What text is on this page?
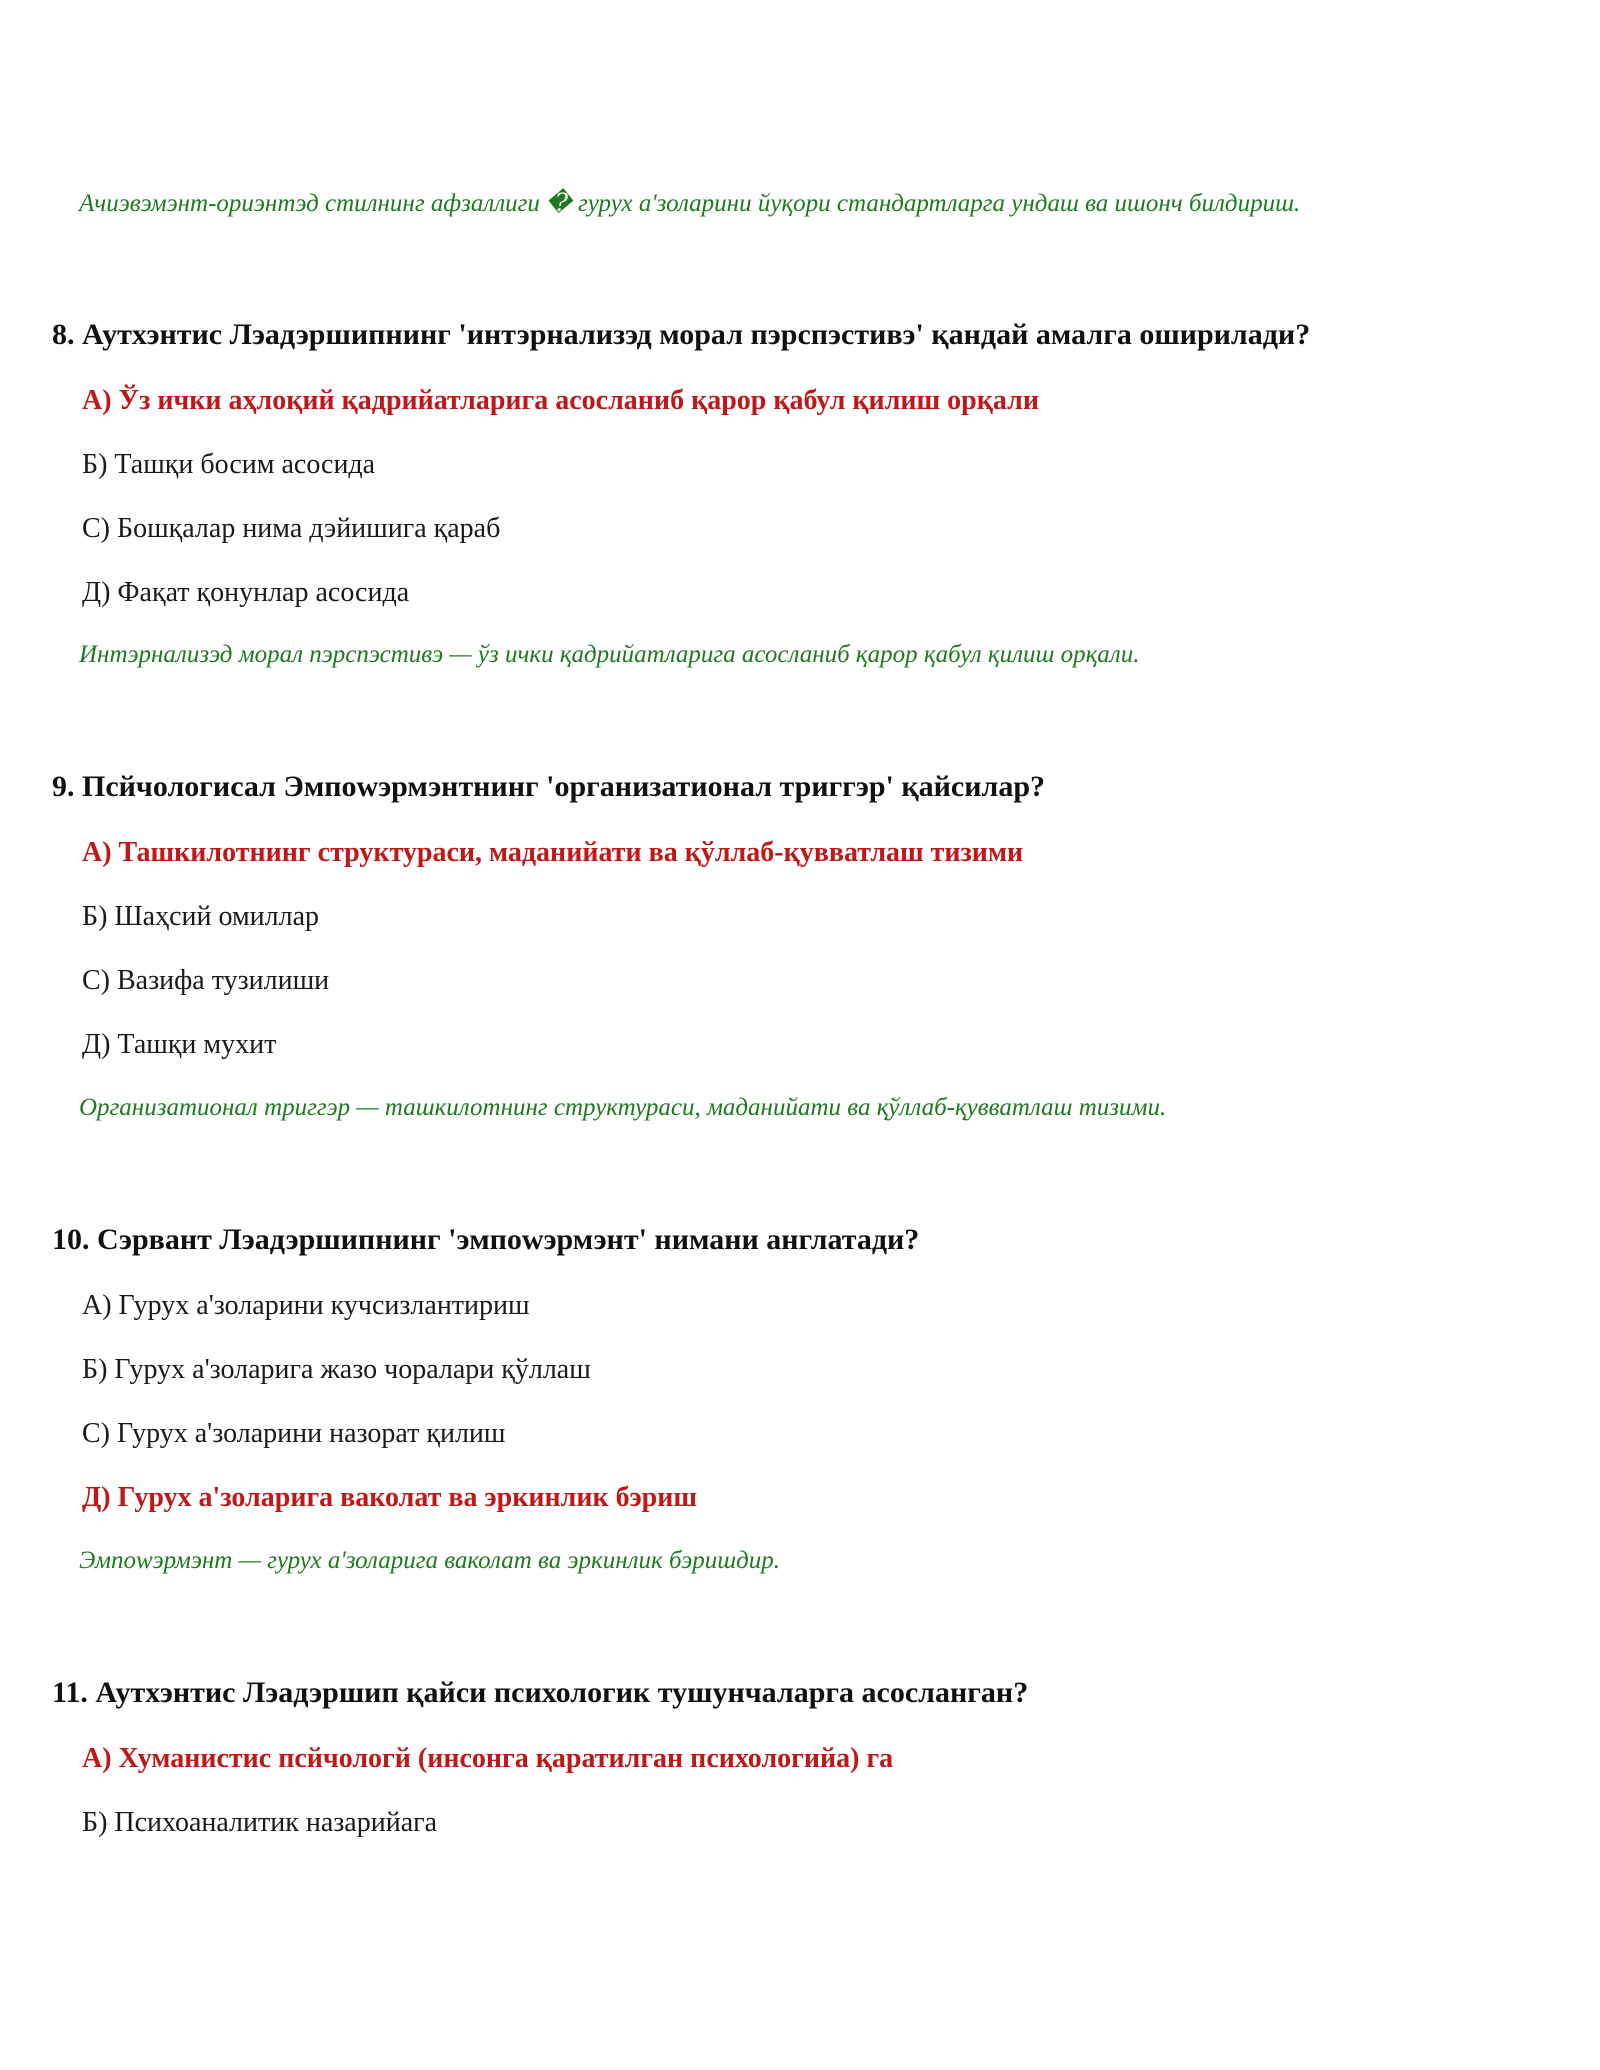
Ачиэвэмэнт-ориэнтэд стилнинг афзаллиги � гурух а'золарини йуқори стандартларга ундаш ва ишонч билдириш.
8. Аутхэнтис Лэадэршипнинг 'интэрнализэд морал пэрспэстивэ' қандай амалга оширилади?
А) Ўз ички аҳлоқий қадрийатларига асосланиб қарор қабул қилиш орқали
Б) Ташқи босим асосида
С) Бошқалар нима дэйишига қараб
Д) Фақат қонунлар асосида
Интэрнализэд морал пэрспэстивэ — ўз ички қадрийатларига асосланиб қарор қабул қилиш орқали.
9. Псйчологисал Эмпоwэрмэнтнинг 'организатионал триггэр' қайсилар?
А) Ташкилотнинг структураси, маданийати ва қўллаб-қувватлаш тизими
Б) Шаҳсий омиллар
С) Вазифа тузилиши
Д) Ташқи мухит
Организатионал триггэр — ташкилотнинг структураси, маданийати ва қўллаб-қувватлаш тизими.
10. Сэрвант Лэадэршипнинг 'эмпоwэрмэнт' нимани англатади?
А) Гурух а'золарини кучсизлантириш
Б) Гурух а'золарига жазо чоралари қўллаш
С) Гурух а'золарини назорат қилиш
Д) Гурух а'золарига ваколат ва эркинлик бэриш
Эмпоwэрмэнт — гурух а'золарига ваколат ва эркинлик бэришдир.
11. Аутхэнтис Лэадэршип қайси психологик тушунчаларга асосланган?
А) Хуманистис псйчологй (инсонга қаратилган психологийа) га
Б) Психоаналитик назарийага
